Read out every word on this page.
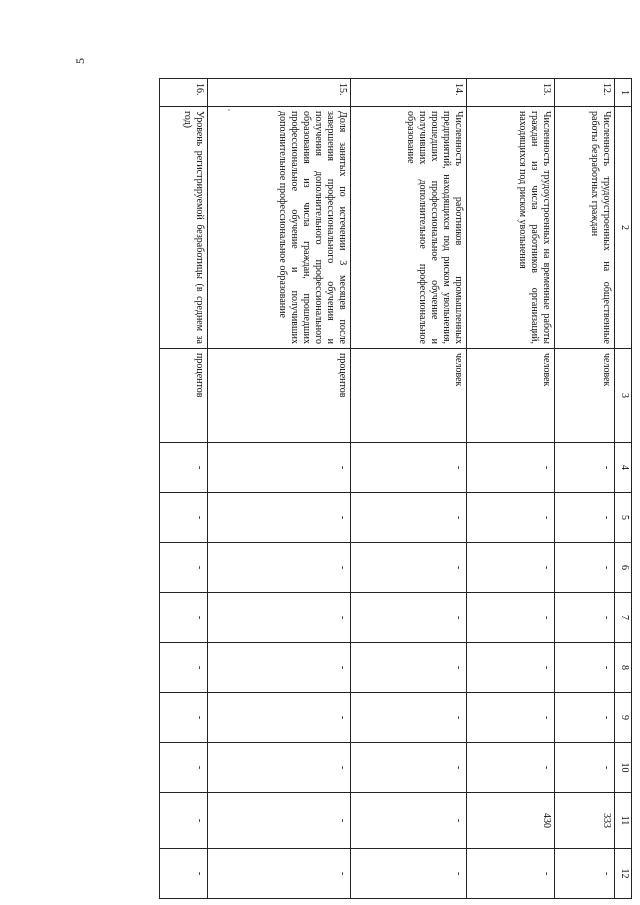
5
1	2	3	4	5	6	7	8	9	10	11	12
12.	Численность трудоустроенных на общественные работы безработных граждан	человек	-	-	-	-	-	-	-	333	-
13.	Численность трудоустроенных на временные работы граждан из числа работников организаций, находящихся под риском увольнения	человек	-	-	-	-	-	-	-	430	-
14.	Численность работников промышленных предприятий, находящихся под риском увольнения, прошедших профессиональное обучение и получивших дополнительное профессиональное образование	человек	-	-	-	-	-	-	-	-	-
15.	Доля занятых по истечении 3 месяцев после завершения профессионального обучения и получения дополнительного профессионального образования из числа граждан, прошедших профессиональное обучение и получивших дополнительное профессиональное образование	процентов	-	-	-	-	-	-	-	-	-
16.	Уровень регистрируемой безработицы (в среднем за год)	процентов	-	-	-	-	-	-	-	-	-
